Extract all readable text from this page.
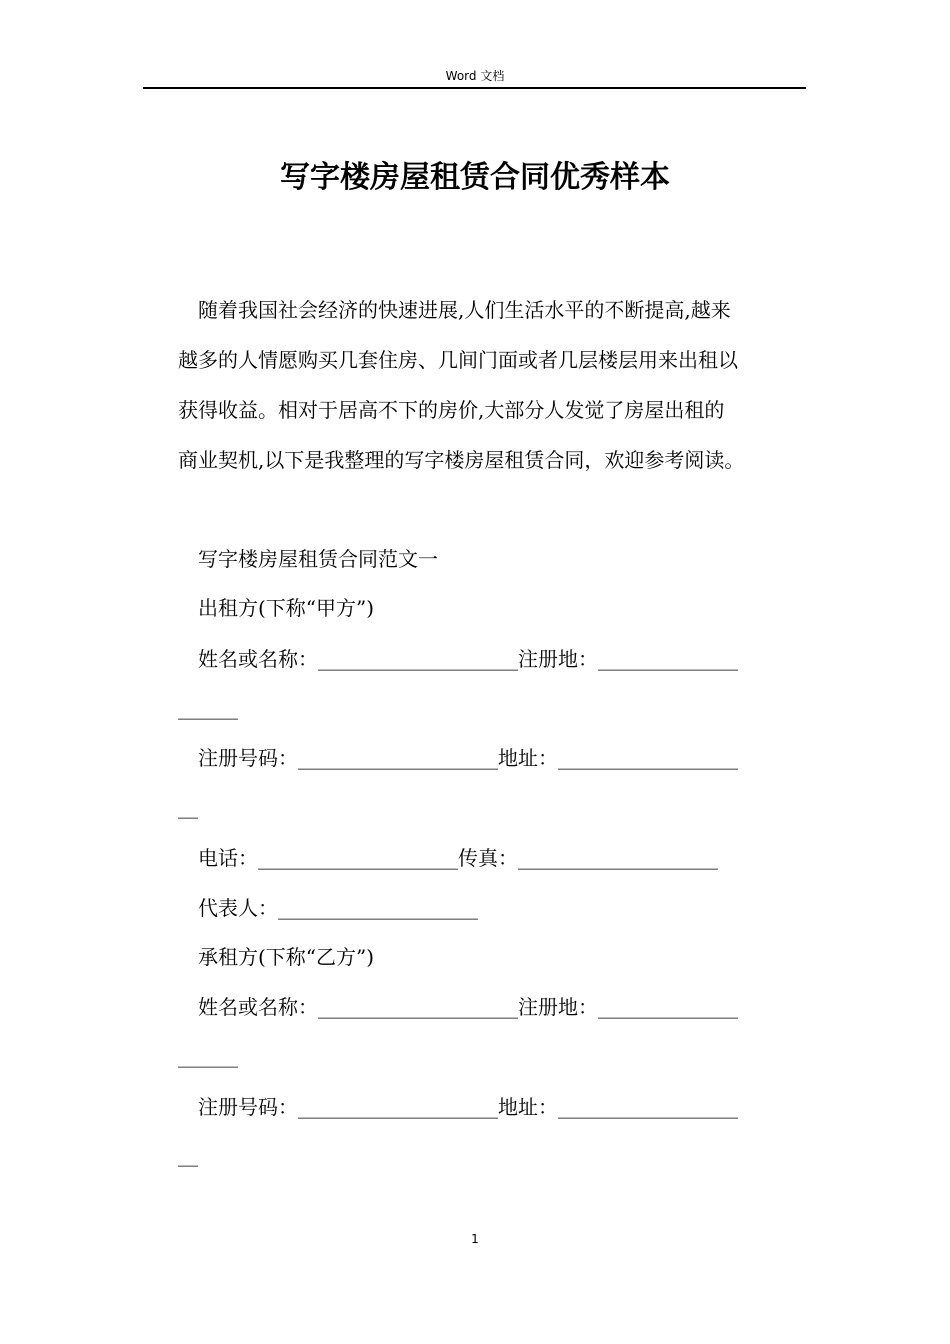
Word 文档
写字楼房屋租赁合同优秀样本
　随着我国社会经济的快速进展,人们生活水平的不断提高,越来
越多的人情愿购买几套住房、几间门面或者几层楼层用来出租以
获得收益。相对于居高不下的房价,大部分人发觉了房屋出租的
商业契机,以下是我整理的写字楼房屋租赁合同，欢迎参考阅读。
写字楼房屋租赁合同范文一
出租方(下称“甲方”)
姓名或名称：____________________注册地：______________
______
注册号码：____________________地址：__________________
__
电话：____________________传真：____________________
代表人：____________________
承租方(下称“乙方”)
姓名或名称：____________________注册地：______________
______
注册号码：____________________地址：__________________
__
1
